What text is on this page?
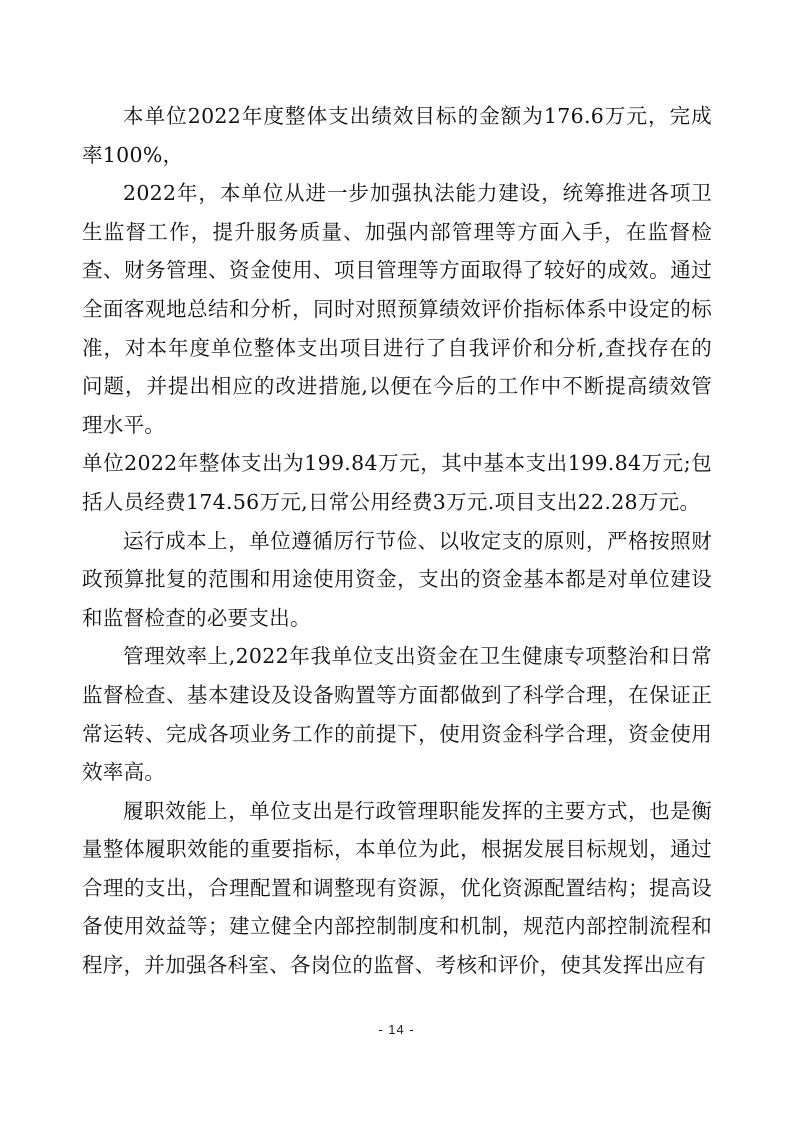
本单位2022年度整体支出绩效目标的金额为176.6万元，完成率100%，

2022年，本单位从进一步加强执法能力建设，统筹推进各项卫生监督工作，提升服务质量、加强内部管理等方面入手，在监督检查、财务管理、资金使用、项目管理等方面取得了较好的成效。通过全面客观地总结和分析，同时对照预算绩效评价指标体系中设定的标准，对本年度单位整体支出项目进行了自我评价和分析,查找存在的问题，并提出相应的改进措施,以便在今后的工作中不断提高绩效管理水平。

单位2022年整体支出为199.84万元，其中基本支出199.84万元;包括人员经费174.56万元,日常公用经费3万元.项目支出22.28万元。

运行成本上，单位遵循厉行节俭、以收定支的原则，严格按照财政预算批复的范围和用途使用资金，支出的资金基本都是对单位建设和监督检查的必要支出。

管理效率上,2022年我单位支出资金在卫生健康专项整治和日常监督检查、基本建设及设备购置等方面都做到了科学合理，在保证正常运转、完成各项业务工作的前提下，使用资金科学合理，资金使用效率高。

履职效能上，单位支出是行政管理职能发挥的主要方式，也是衡量整体履职效能的重要指标，本单位为此，根据发展目标规划，通过合理的支出，合理配置和调整现有资源，优化资源配置结构；提高设备使用效益等；建立健全内部控制制度和机制，规范内部控制流程和程序，并加强各科室、各岗位的监督、考核和评价，使其发挥出应有

- 14 -
